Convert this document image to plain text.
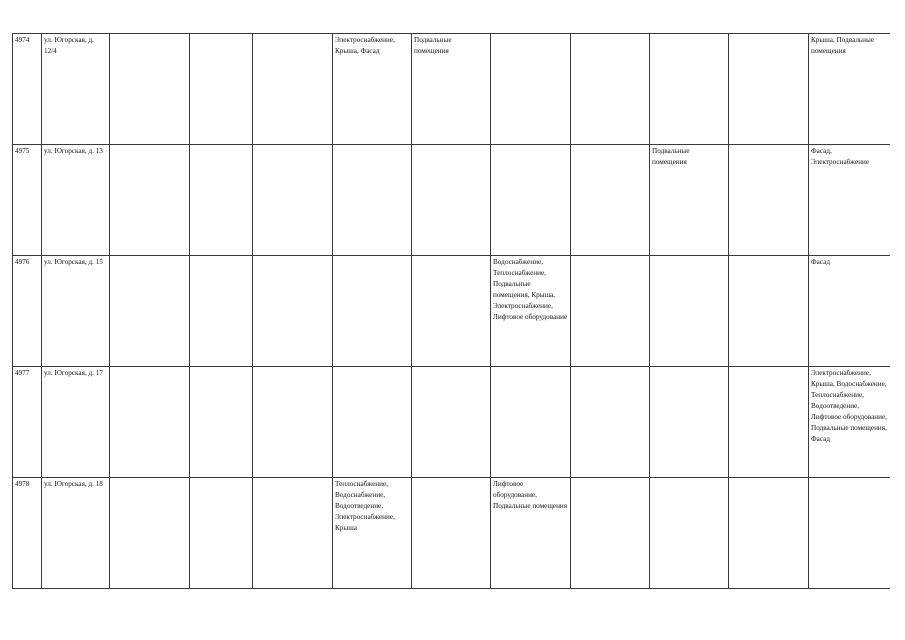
4974	ул. Югорская, д. 12/4				Электроснабжение, Крыша, Фасад	Подвальные помещения					Крыша, Подвальные помещения

4975	ул. Югорская, д. 13								Подвальные помещения		Фасад, Электроснабжение

4976	ул. Югорская, д. 15						Водоснабжение, Теплоснабжение, Подвальные помещения, Крыша, Электроснабжение, Лифтовое оборудование				Фасад

4977	ул. Югорская, д. 17										Электроснабжение, Крыша, Водоснабжение, Теплоснабжение, Водоотведение, Лифтовое оборудование, Подвальные помещения, Фасад

4978	ул. Югорская, д. 18				Теплоснабжение, Водоснабжение, Водоотведение, Электроснабжение, Крыша		Лифтовое оборудование, Подвальные помещения				
